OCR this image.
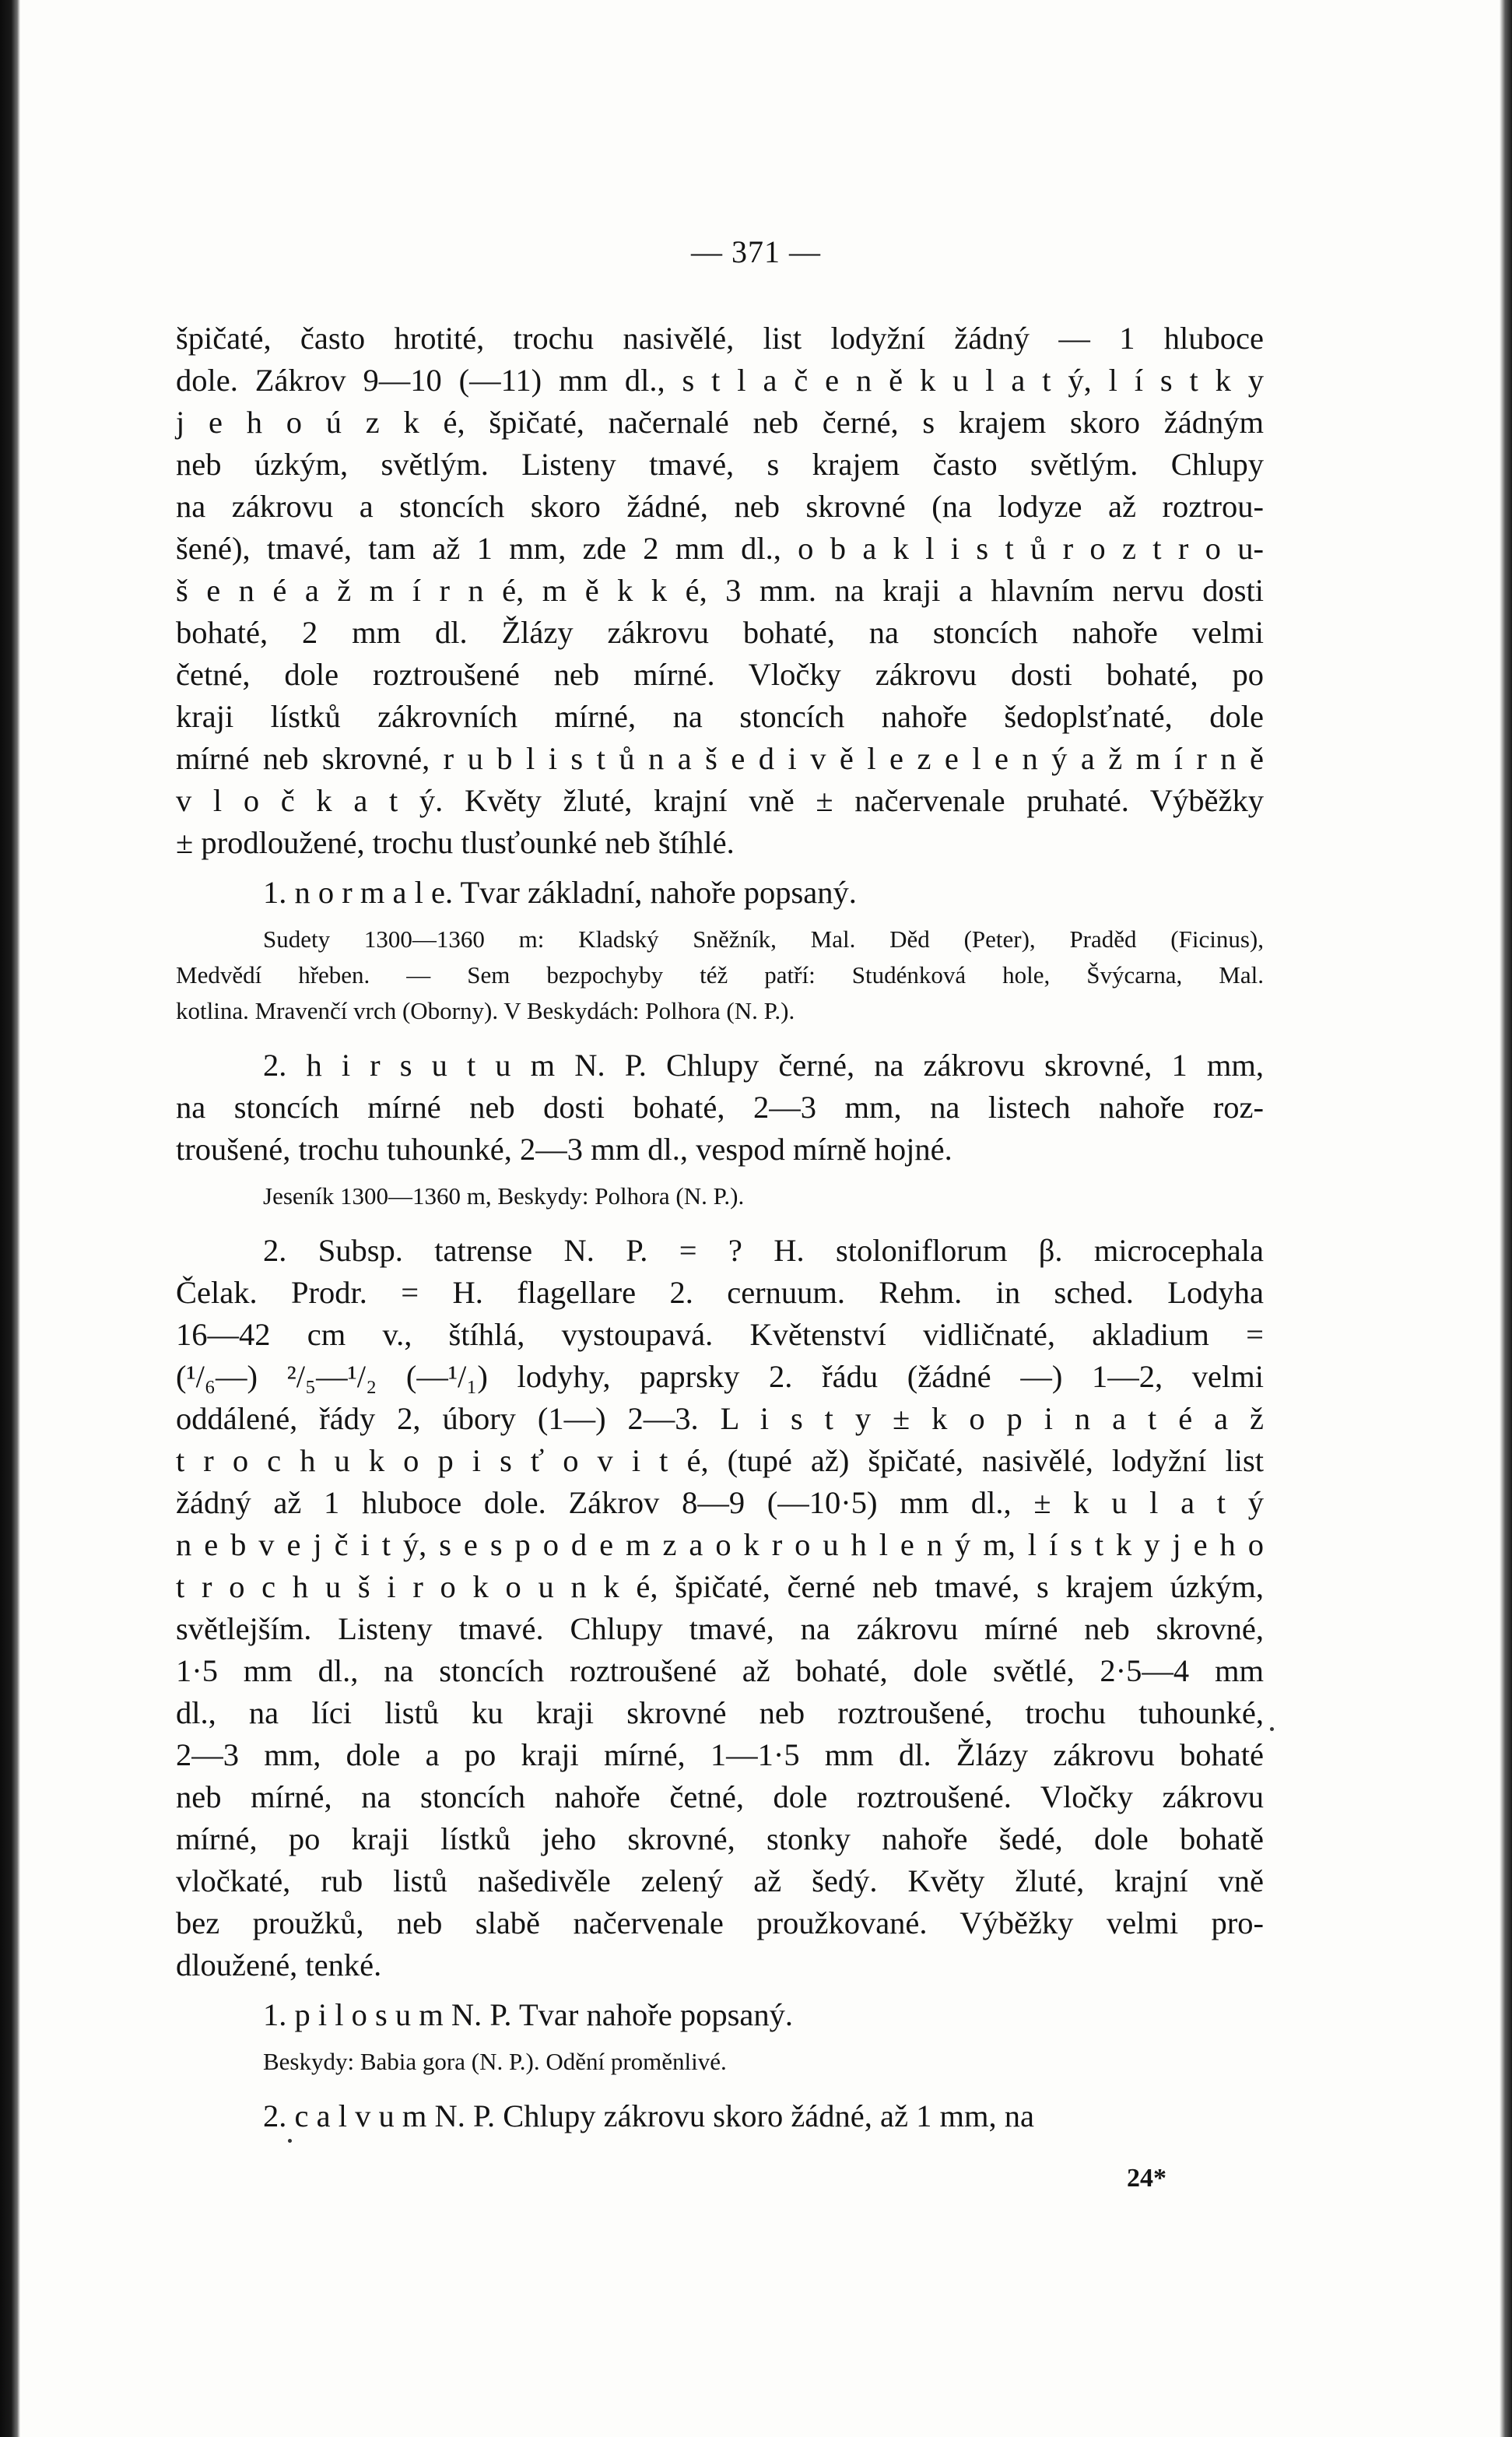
— 371 —
špičaté, často hrotité, trochu nasivělé, list lodyžní žádný — 1 hluboce
dole. Zákrov 9—10 (—11) mm dl., s t l a č e n ě k u l a t ý, l í s t k y
j e h o ú z k é, špičaté, načernalé neb černé, s krajem skoro žádným
neb úzkým, světlým. Listeny tmavé, s krajem často světlým. Chlupy
na zákrovu a stoncích skoro žádné, neb skrovné (na lodyze až roztrou-
šené), tmavé, tam až 1 mm, zde 2 mm dl., o b a k l i s t ů r o z t r o u-
š e n é a ž m í r n é, m ě k k é, 3 mm. na kraji a hlavním nervu dosti
bohaté, 2 mm dl. Žlázy zákrovu bohaté, na stoncích nahoře velmi
četné, dole roztroušené neb mírné. Vločky zákrovu dosti bohaté, po
kraji lístků zákrovních mírné, na stoncích nahoře šedoplsťnaté, dole
mírné neb skrovné, r u b l i s t ů n a š e d i v ě l e z e l e n ý a ž m í r n ě
v l o č k a t ý. Květy žluté, krajní vně ± načervenale pruhaté. Výběžky
± prodloužené, trochu tlusťounké neb štíhlé.
1. n o r m a l e. Tvar základní, nahoře popsaný.
Sudety 1300—1360 m: Kladský Sněžník, Mal. Děd (Peter), Praděd (Ficinus),
Medvědí hřeben. — Sem bezpochyby též patří: Studénková hole, Švýcarna, Mal.
kotlina. Mravenčí vrch (Oborny). V Beskydách: Polhora (N. P.).
2. h i r s u t u m N. P. Chlupy černé, na zákrovu skrovné, 1 mm,
na stoncích mírné neb dosti bohaté, 2—3 mm, na listech nahoře roz-
troušené, trochu tuhounké, 2—3 mm dl., vespod mírně hojné.
Jeseník 1300—1360 m, Beskydy: Polhora (N. P.).
2. Subsp. tatrense N. P. = ? H. stoloniflorum β. microcephala
Čelak. Prodr. = H. flagellare 2. cernuum. Rehm. in sched. Lodyha
16—42 cm v., štíhlá, vystoupavá. Květenství vidličnaté, akladium =
(¹/₆—) ²/₅—¹/₂ (—¹/₁) lodyhy, paprsky 2. řádu (žádné —) 1—2, velmi
oddálené, řády 2, úbory (1—) 2—3. L i s t y ± k o p i n a t é a ž
t r o c h u k o p i s ť o v i t é, (tupé až) špičaté, nasivělé, lodyžní list
žádný až 1 hluboce dole. Zákrov 8—9 (—10·5) mm dl., ± k u l a t ý
n e b v e j č i t ý, s e s p o d e m z a o k r o u h l e n ý m, l í s t k y j e h o
t r o c h u š i r o k o u n k é, špičaté, černé neb tmavé, s krajem úzkým,
světlejším. Listeny tmavé. Chlupy tmavé, na zákrovu mírné neb skrovné,
1·5 mm dl., na stoncích roztroušené až bohaté, dole světlé, 2·5—4 mm
dl., na líci listů ku kraji skrovné neb roztroušené, trochu tuhounké,
2—3 mm, dole a po kraji mírné, 1—1·5 mm dl. Žlázy zákrovu bohaté
neb mírné, na stoncích nahoře četné, dole roztroušené. Vločky zákrovu
mírné, po kraji lístků jeho skrovné, stonky nahoře šedé, dole bohatě
vločkaté, rub listů našedivěle zelený až šedý. Květy žluté, krajní vně
bez proužků, neb slabě načervenale proužkované. Výběžky velmi pro-
dloužené, tenké.
1. p i l o s u m N. P. Tvar nahoře popsaný.
Beskydy: Babia gora (N. P.). Odění proměnlivé.
2. c a l v u m N. P. Chlupy zákrovu skoro žádné, až 1 mm, na
24*
